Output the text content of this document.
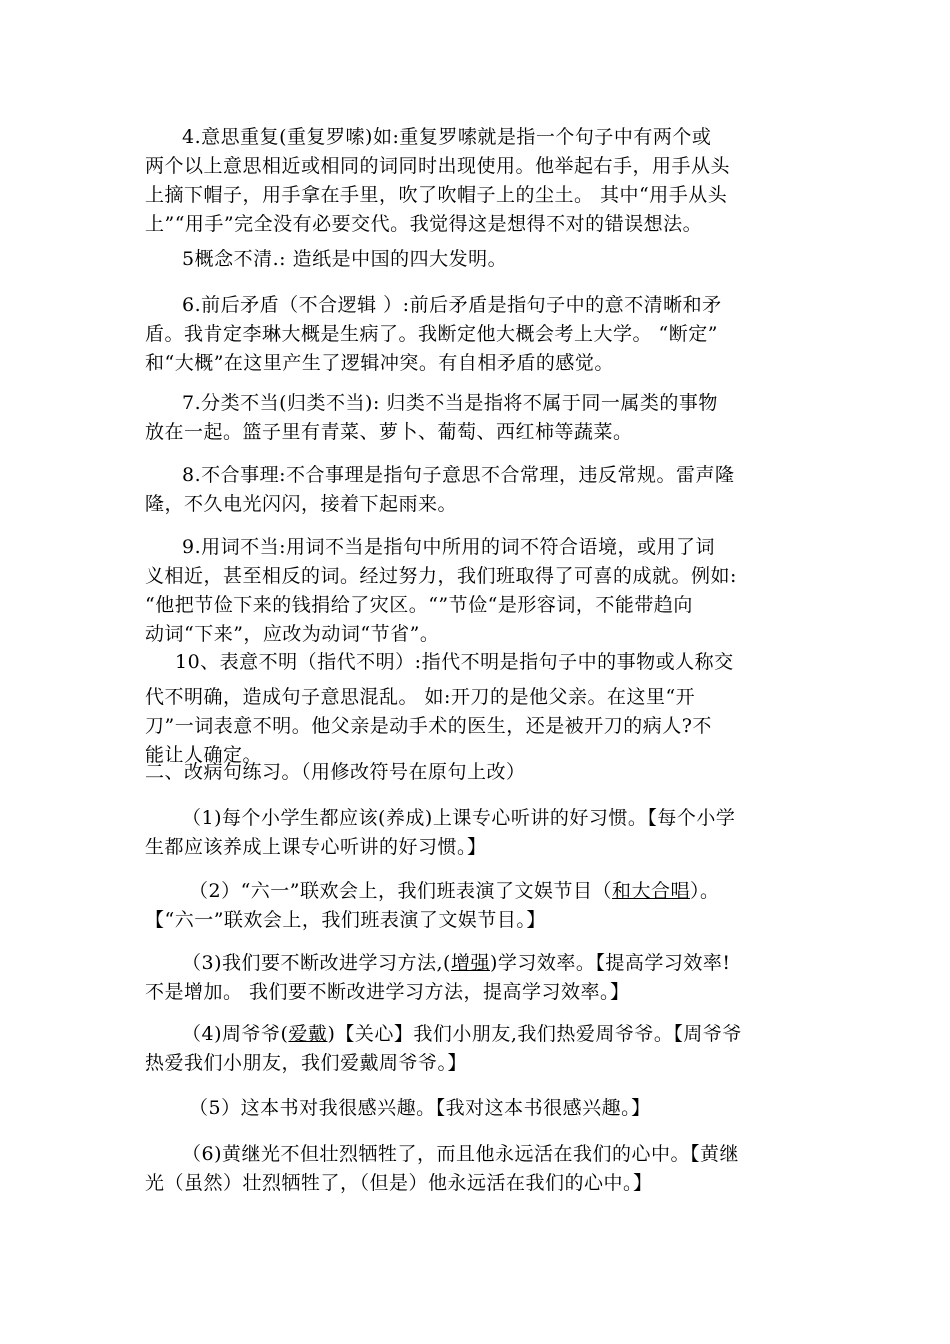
4.意思重复(重复罗嗦)如:重复罗嗦就是指一个句子中有两个或
两个以上意思相近或相同的词同时出现使用。他举起右手，用手从头
上摘下帽子，用手拿在手里，吹了吹帽子上的尘土。 其中“用手从头
上”“用手”完全没有必要交代。我觉得这是想得不对的错误想法。
5概念不清.: 造纸是中国的四大发明。
6.前后矛盾（不合逻辑 ）:前后矛盾是指句子中的意不清晰和矛
盾。我肯定李琳大概是生病了。我断定他大概会考上大学。 “断定”
和“大概”在这里产生了逻辑冲突。有自相矛盾的感觉。
7.分类不当(归类不当): 归类不当是指将不属于同一属类的事物
放在一起。篮子里有青菜、萝卜、葡萄、西红柿等蔬菜。
8.不合事理:不合事理是指句子意思不合常理，违反常规。雷声隆
隆，不久电光闪闪，接着下起雨来。
9.用词不当:用词不当是指句中所用的词不符合语境，或用了词
义相近，甚至相反的词。经过努力，我们班取得了可喜的成就。例如:
“他把节俭下来的钱捐给了灾区。“”节俭“是形容词，不能带趋向
动词“下来”，应改为动词“节省”。
10、表意不明（指代不明）:指代不明是指句子中的事物或人称交
代不明确，造成句子意思混乱。 如:开刀的是他父亲。在这里“开
刀”一词表意不明。他父亲是动手术的医生，还是被开刀的病人?不
能让人确定。
二、改病句练习。（用修改符号在原句上改）
（1)每个小学生都应该(养成)上课专心听讲的好习惯。【每个小学
生都应该养成上课专心听讲的好习惯。】
（2）“六一”联欢会上，我们班表演了文娱节目（和大合唱）。
【“六一”联欢会上，我们班表演了文娱节目。】
（3)我们要不断改进学习方法,(增强)学习效率。【提高学习效率!
不是增加。 我们要不断改进学习方法，提高学习效率。】
（4)周爷爷(爱戴)【关心】我们小朋友,我们热爱周爷爷。【周爷爷
热爱我们小朋友，我们爱戴周爷爷。】
（5）这本书对我很感兴趣。【我对这本书很感兴趣。】
（6)黄继光不但壮烈牺牲了，而且他永远活在我们的心中。【黄继
光（虽然）壮烈牺牲了，（但是）他永远活在我们的心中。】
